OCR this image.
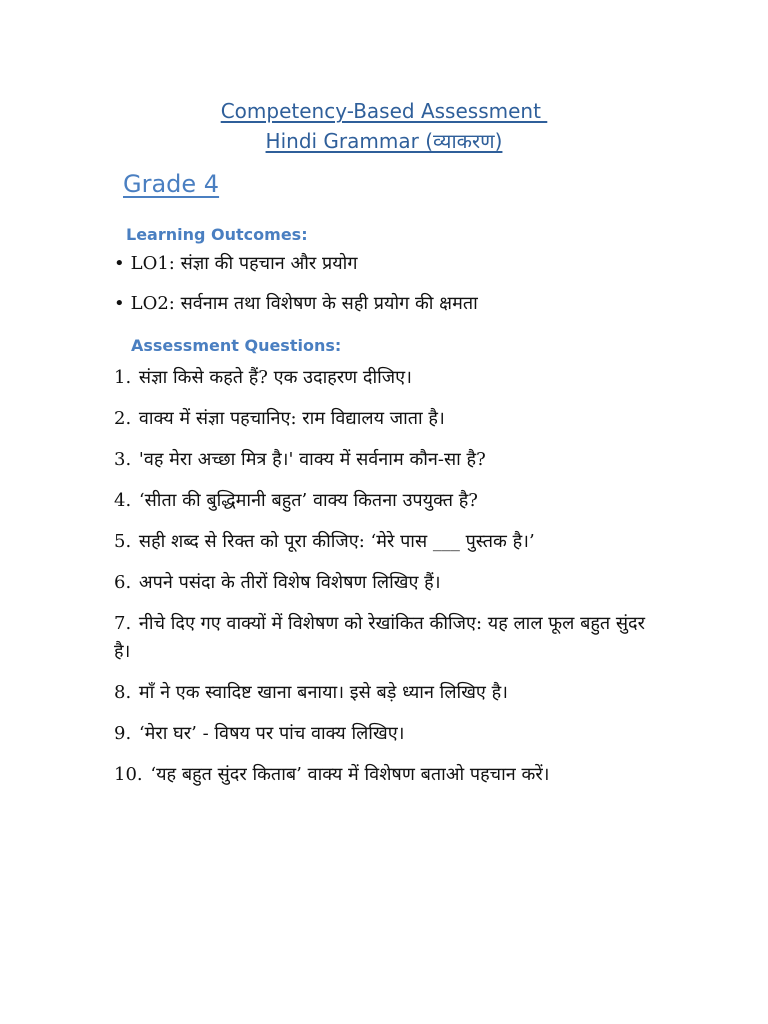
Competency-Based Assessment
Hindi Grammar (व्याकरण)
Grade 4
Learning Outcomes:
• LO1: संज्ञा की पहचान और प्रयोग
• LO2: सर्वनाम तथा विशेषण के सही प्रयोग की क्षमता
Assessment Questions:
1. संज्ञा किसे कहते हैं? एक उदाहरण दीजिए।
2. वाक्य में संज्ञा पहचानिए: राम विद्यालय जाता है।
3. 'वह मेरा अच्छा मित्र है।' वाक्य में सर्वनाम कौन-सा है?
4. ‘सीता की बुद्धिमानी बहुत’ वाक्य कितना उपयुक्त है?
5. सही शब्द से रिक्त को पूरा कीजिए: ‘मेरे पास ___ पुस्तक है।’
6. अपने पसंदा के तीरों विशेष विशेषण लिखिए हैं।
7. नीचे दिए गए वाक्यों में विशेषण को रेखांकित कीजिए: यह लाल फूल बहुत सुंदर है।
8. माँ ने एक स्वादिष्ट खाना बनाया। इसे बड़े ध्यान लिखिए है।
9. ‘मेरा घर’ - विषय पर पांच वाक्य लिखिए।
10. ‘यह बहुत सुंदर किताब’ वाक्य में विशेषण बताओ पहचान करें।
